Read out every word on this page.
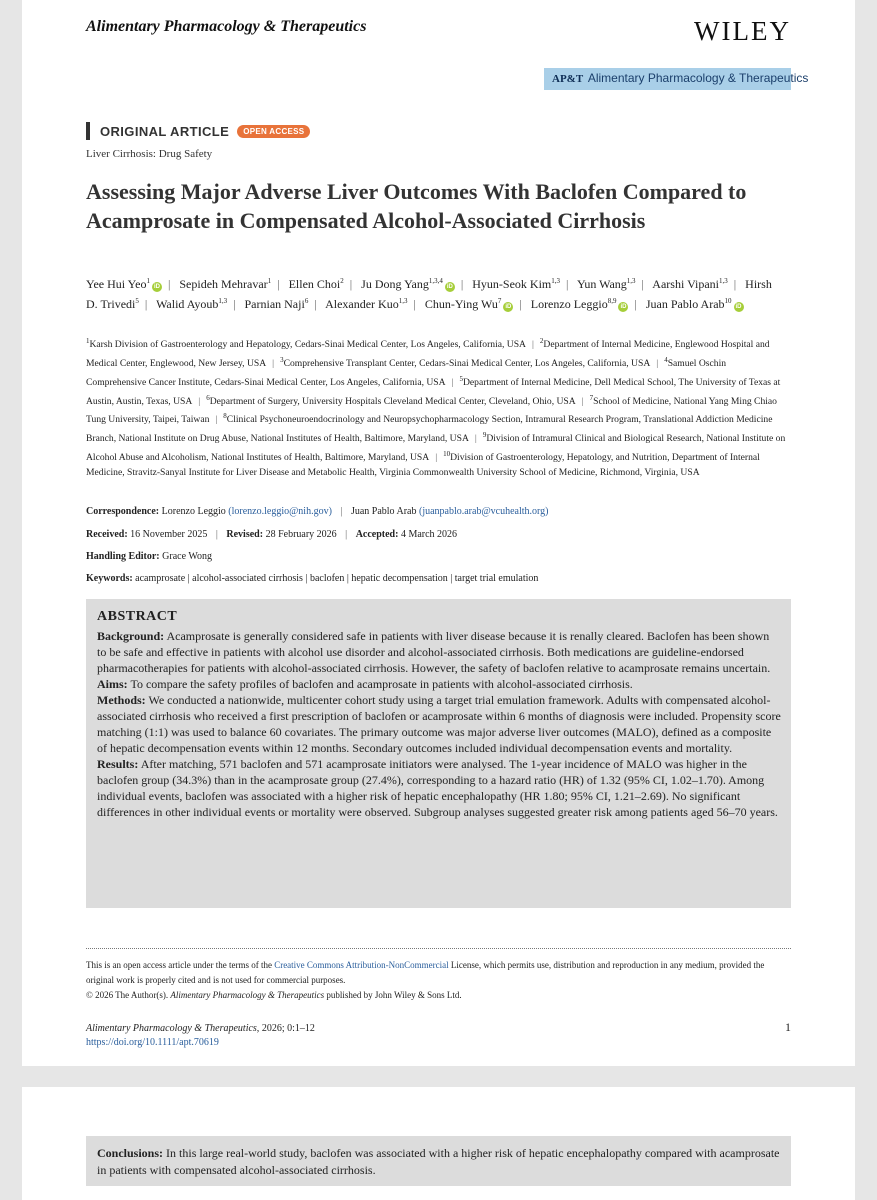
Alimentary Pharmacology & Therapeutics	WILEY
AP&T Alimentary Pharmacology & Therapeutics
ORIGINAL ARTICLE	OPEN ACCESS
Liver Cirrhosis: Drug Safety
Assessing Major Adverse Liver Outcomes With Baclofen Compared to Acamprosate in Compensated Alcohol-Associated Cirrhosis
Yee Hui Yeo$^1$iD | Sepideh Mehravar$^1$ | Ellen Choi$^2$ | Ju Dong Yang$^{1,3,4}$iD | Hyun-Seok Kim$^{1,3}$ | Yun Wang$^{1,3}$ | Aarshi Vipani$^{1,3}$ | Hirsh D. Trivedi$^5$ | Walid Ayoub$^{1,3}$ | Parnian Naji$^6$ | Alexander Kuo$^{1,3}$ | Chun-Ying Wu$^7$iD | Lorenzo Leggio$^{8,9}$iD | Juan Pablo Arab$^{10}$iD
$^1$Karsh Division of Gastroenterology and Hepatology, Cedars-Sinai Medical Center, Los Angeles, California, USA | $^2$Department of Internal Medicine, Englewood Hospital and Medical Center, Englewood, New Jersey, USA | $^3$Comprehensive Transplant Center, Cedars-Sinai Medical Center, Los Angeles, California, USA | $^4$Samuel Oschin Comprehensive Cancer Institute, Cedars-Sinai Medical Center, Los Angeles, California, USA | $^5$Department of Internal Medicine, Dell Medical School, The University of Texas at Austin, Austin, Texas, USA | $^6$Department of Surgery, University Hospitals Cleveland Medical Center, Cleveland, Ohio, USA | $^7$School of Medicine, National Yang Ming Chiao Tung University, Taipei, Taiwan | $^8$Clinical Psychoneuroendocrinology and Neuropsychopharmacology Section, Intramural Research Program, Translational Addiction Medicine Branch, National Institute on Drug Abuse, National Institutes of Health, Baltimore, Maryland, USA | $^9$Division of Intramural Clinical and Biological Research, National Institute on Alcohol Abuse and Alcoholism, National Institutes of Health, Baltimore, Maryland, USA | $^{10}$Division of Gastroenterology, Hepatology, and Nutrition, Department of Internal Medicine, Stravitz-Sanyal Institute for Liver Disease and Metabolic Health, Virginia Commonwealth University School of Medicine, Richmond, Virginia, USA
Correspondence: Lorenzo Leggio (lorenzo.leggio@nih.gov) | Juan Pablo Arab (juanpablo.arab@vcuhealth.org)
Received: 16 November 2025 | Revised: 28 February 2026 | Accepted: 4 March 2026
Handling Editor: Grace Wong
Keywords: acamprosate | alcohol-associated cirrhosis | baclofen | hepatic decompensation | target trial emulation
ABSTRACT

Background: Acamprosate is generally considered safe in patients with liver disease because it is renally cleared. Baclofen has been shown to be safe and effective in patients with alcohol use disorder and alcohol-associated cirrhosis. Both medications are guideline-endorsed pharmacotherapies for patients with alcohol-associated cirrhosis. However, the safety of baclofen relative to acamprosate remains uncertain.

Aims: To compare the safety profiles of baclofen and acamprosate in patients with alcohol-associated cirrhosis.

Methods: We conducted a nationwide, multicenter cohort study using a target trial emulation framework. Adults with compensated alcohol-associated cirrhosis who received a first prescription of baclofen or acamprosate within 6 months of diagnosis were included. Propensity score matching (1:1) was used to balance 60 covariates. The primary outcome was major adverse liver outcomes (MALO), defined as a composite of hepatic decompensation events within 12 months. Secondary outcomes included individual decompensation events and mortality.

Results: After matching, 571 baclofen and 571 acamprosate initiators were analysed. The 1-year incidence of MALO was higher in the baclofen group (34.3%) than in the acamprosate group (27.4%), corresponding to a hazard ratio (HR) of 1.32 (95% CI, 1.02–1.70). Among individual events, baclofen was associated with a higher risk of hepatic encephalopathy (HR 1.80; 95% CI, 1.21–2.69). No significant differences in other individual events or mortality were observed. Subgroup analyses suggested greater risk among patients aged 56–70 years.

This is an open access article under the terms of the Creative Commons Attribution-NonCommercial License, which permits use, distribution and reproduction in any medium, provided the original work is properly cited and is not used for commercial purposes.
© 2026 The Author(s). Alimentary Pharmacology & Therapeutics published by John Wiley & Sons Ltd.
Alimentary Pharmacology & Therapeutics, 2026; 0:1–12
https://doi.org/10.1111/apt.70619
1
Conclusions: In this large real-world study, baclofen was associated with a higher risk of hepatic encephalopathy compared with acamprosate in patients with compensated alcohol-associated cirrhosis.
